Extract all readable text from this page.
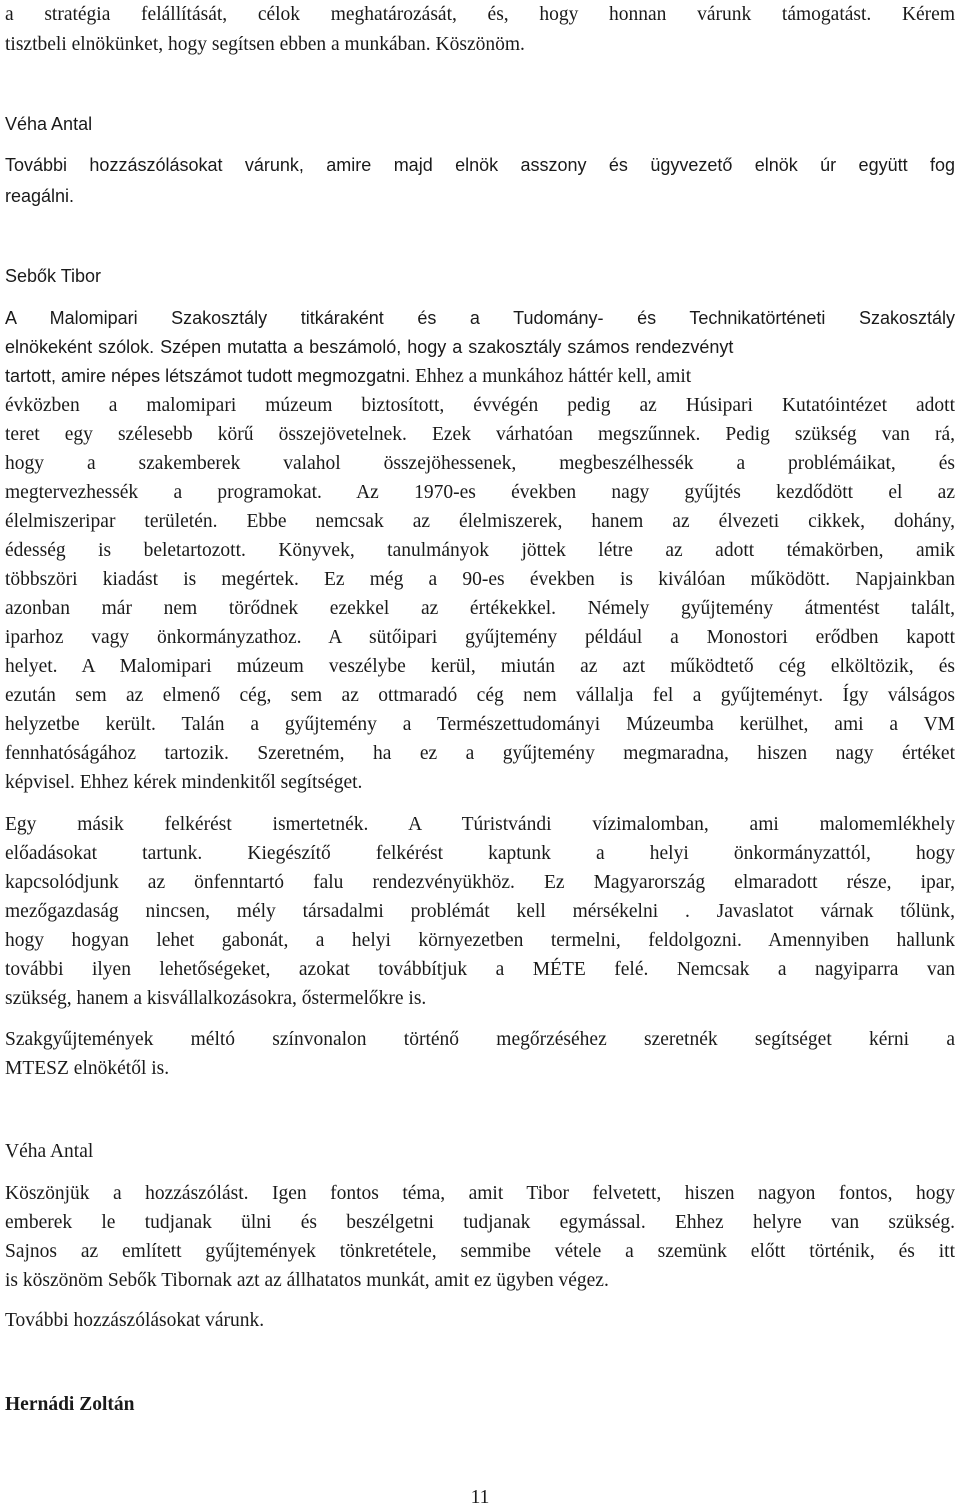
a stratégia felállítását, célok meghatározását, és, hogy honnan várunk támogatást. Kérem
tisztbeli elnökünket, hogy segítsen ebben a munkában. Köszönöm.
Véha Antal
További hozzászólásokat várunk, amire majd elnök asszony és ügyvezető elnök úr együtt fog
reagálni.
Sebők Tibor
A Malomipari Szakosztály titkáraként és a Tudomány- és Technikatörténeti Szakosztály
elnökeként szólok. Szépen mutatta a beszámoló, hogy a szakosztály számos rendezvényt
tartott, amire népes létszámot tudott megmozgatni. Ehhez a munkához háttér kell, amit
évközben a malomipari múzeum biztosított, évvégén pedig az Húsipari Kutatóintézet adott
teret egy szélesebb körű összejövetelnek. Ezek várhatóan megszűnnek. Pedig szükség van rá,
hogy a szakemberek valahol összejöhessenek, megbeszélhessék a problémáikat, és
megtervezhessék a programokat. Az 1970-es években nagy gyűjtés kezdődött el az
élelmiszeripar területén. Ebbe nemcsak az élelmiszerek, hanem az élvezeti cikkek, dohány,
édesség is beletartozott. Könyvek, tanulmányok jöttek létre az adott témakörben, amik
többszöri kiadást is megértek. Ez még a 90-es években is kiválóan működött. Napjainkban
azonban már nem törődnek ezekkel az értékekkel. Némely gyűjtemény átmentést talált,
iparhoz vagy önkormányzathoz. A sütőipari gyűjtemény például a Monostori erődben kapott
helyet. A Malomipari múzeum veszélybe kerül, miután az azt működtető cég elköltözik, és
ezután sem az elmenő cég, sem az ottmaradó cég nem vállalja fel a gyűjteményt. Így válságos
helyzetbe került. Talán a gyűjtemény a Természettudományi Múzeumba kerülhet, ami a VM
fennhatóságához tartozik. Szeretném, ha ez a gyűjtemény megmaradna, hiszen nagy értéket
képvisel. Ehhez kérek mindenkitől segítséget.
Egy másik felkérést ismertetnék. A Túristvándi vízimalomban, ami malomemlékhely
előadásokat tartunk. Kiegészítő felkérést kaptunk a helyi önkormányzattól, hogy
kapcsolódjunk az önfenntartó falu rendezvényükhöz. Ez Magyarország elmaradott része, ipar,
mezőgazdaság nincsen, mély társadalmi problémát kell mérsékelni . Javaslatot várnak tőlünk,
hogy hogyan lehet gabonát, a helyi környezetben termelni, feldolgozni. Amennyiben hallunk
további ilyen lehetőségeket, azokat továbbítjuk a MÉTE felé. Nemcsak a nagyiparra van
szükség, hanem a kisvállalkozásokra, őstermelőkre is.
Szakgyűjtemények méltó színvonalon történő megőrzéséhez szeretnék segítséget kérni a
MTESZ elnökétől is.
Véha Antal
Köszönjük a hozzászólást. Igen fontos téma, amit Tibor felvetett, hiszen nagyon fontos, hogy
emberek le tudjanak ülni és beszélgetni tudjanak egymással. Ehhez helyre van szükség.
Sajnos az említett gyűjtemények tönkretétele, semmibe vétele a szemünk előtt történik, és itt
is köszönöm Sebők Tibornak azt az állhatatos munkát, amit ez ügyben végez.
További hozzászólásokat várunk.
Hernádi Zoltán
11
